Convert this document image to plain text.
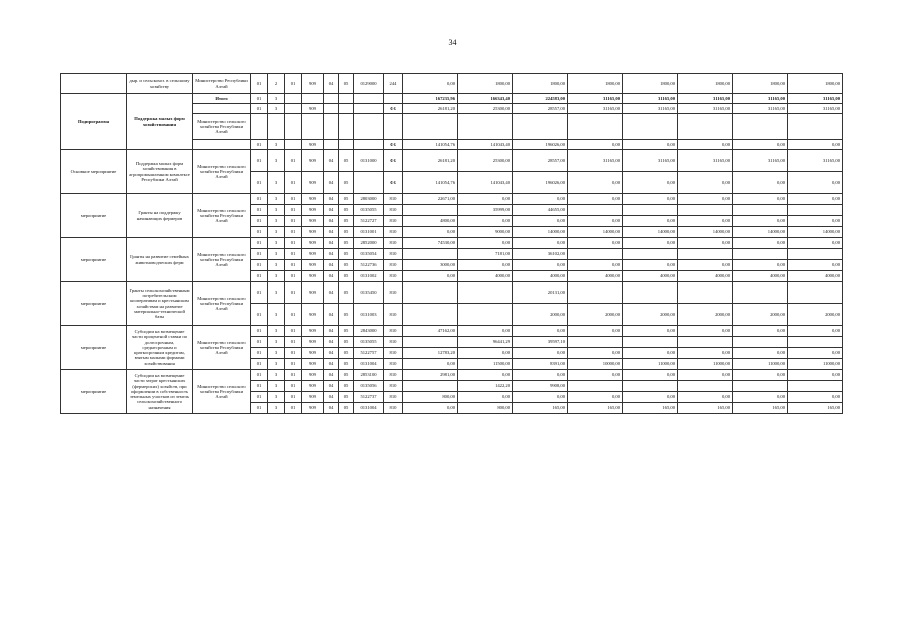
34
	дыр. и сельскохоз. в сельскому хозяйству	Министерство Республики Алтай	01	2	01	909	04	05	0129000	244	0,00	1800,00	1800,00	1800,00	1800,00	1800,00	1800,00	1800,00
Подпрограмма	Поддержка малых форм хозяйствования	Итого	01	3							167235,96	166343,40	224583,00	31165,00	31165,00	31165,00	31165,00	31165,00
			01	3		909				ФБ	26181,20	25300,00	28557,00	31165,00	31165,00	31165,00	31165,00	31165,00
		Министерство сельского хозяйства Республики Алтай																
			01	3		909				ФБ	141054,76	141043,40	196026,00	0,00	0,00	0,00	0,00	0,00
Основное мероприятие	Поддержка малых форм хозяйствования в агропромышленном комплексе Республики Алтай	Министерство сельского хозяйства Республики Алтай	01	3	01	909	04	05	0131000	ФБ	26181,20	25300,00	28557,00	31165,00	31165,00	31165,00	31165,00	31165,00
			01	3	01	909	04	05		ФБ	141054,76	141043,40	196026,00	0,00	0,00	0,00	0,00	0,00
мероприятие	Гранты на поддержку начинающих фермеров	Министерство сельского хозяйства Республики Алтай	01	3	01	909	04	05	2803000	810	22671,00	0,00	0,00	0,00	0,00	0,00	0,00	0,00
			01	3	01	909	04	05	0135055	810		35999,00	44655,00					
			01	3	01	909	04	05	5122727	810	4800,00	0,00	0,00	0,00	0,00	0,00	0,00	0,00
			01	3	01	909	04	05	0131001	810	0,00	9000,00	14000,00	14000,00	14000,00	14000,00	14000,00	14000,00
мероприятие	Гранты на развитие семейных животноводческих ферм	Министерство сельского хозяйства Республики Алтай	01	3	01	909	04	05	2852000	810	74530,00	0,00	0,00	0,00	0,00	0,00	0,00	0,00
			01	3	01	909	04	05	0135054	810		7181,00	36102,00					
			01	3	01	909	04	05	5122736	810	3000,00	0,00	0,00	0,00	0,00	0,00	0,00	0,00
			01	3	01	909	04	05	0131002	810	0,00	4000,00	4000,00	4000,00	4000,00	4000,00	4000,00	4000,00
мероприятие	Гранты сельскохозяйственным потребительским кооперативам и крестьянским хозяйствам на развитие материально-технической базы	Министерство сельского хозяйства Республики Алтай	01	3	01	909	04	05	0135450	810			20131,00					
			01	3	01	909	04	05	0131003	810			2000,00	2000,00	2000,00	2000,00	2000,00	2000,00
мероприятие	Субсидии на возмещение части процентной ставки по долгосрочным, среднесрочным и краткосрочным кредитам, взятым малыми формами хозяйствования	Министерство сельского хозяйства Республики Алтай	01	3	01	909	04	05	2843000	810	47162,00	0,00	0,00	0,00	0,00	0,00	0,00	0,00
			01	3	01	909	04	05	0135055	810		96441,29	39597,10					
			01	3	01	909	04	05	5122757	810	12783,20	0,00	0,00	0,00	0,00	0,00	0,00	0,00
			01	3	01	909	04	05	0131004	810	0,00	11500,00	8391,00	10000,00	11000,00	11000,00	11000,00	11000,00
мероприятие	Субсидии на возмещение части затрат крестьянских (фермерских) хозяйств, при оформлении в собственность земельных участков из земель сельскохозяйственного назначения	Министерство сельского хозяйства Республики Алтай	01	3	01	909	04	05	2853100	810	2981,00	0,00	0,00	0,00	0,00	0,00	0,00	0,00
			01	3	01	909	04	05	0135056	810		1422,20	9908,00					
			01	3	01	909	04	05	5122737	810	800,00	0,00	0,00	0,00	0,00	0,00	0,00	0,00
			01	3	01	909	04	05	0131004	810	0,00	800,00	165,00	165,00	165,00	165,00	165,00	165,00
